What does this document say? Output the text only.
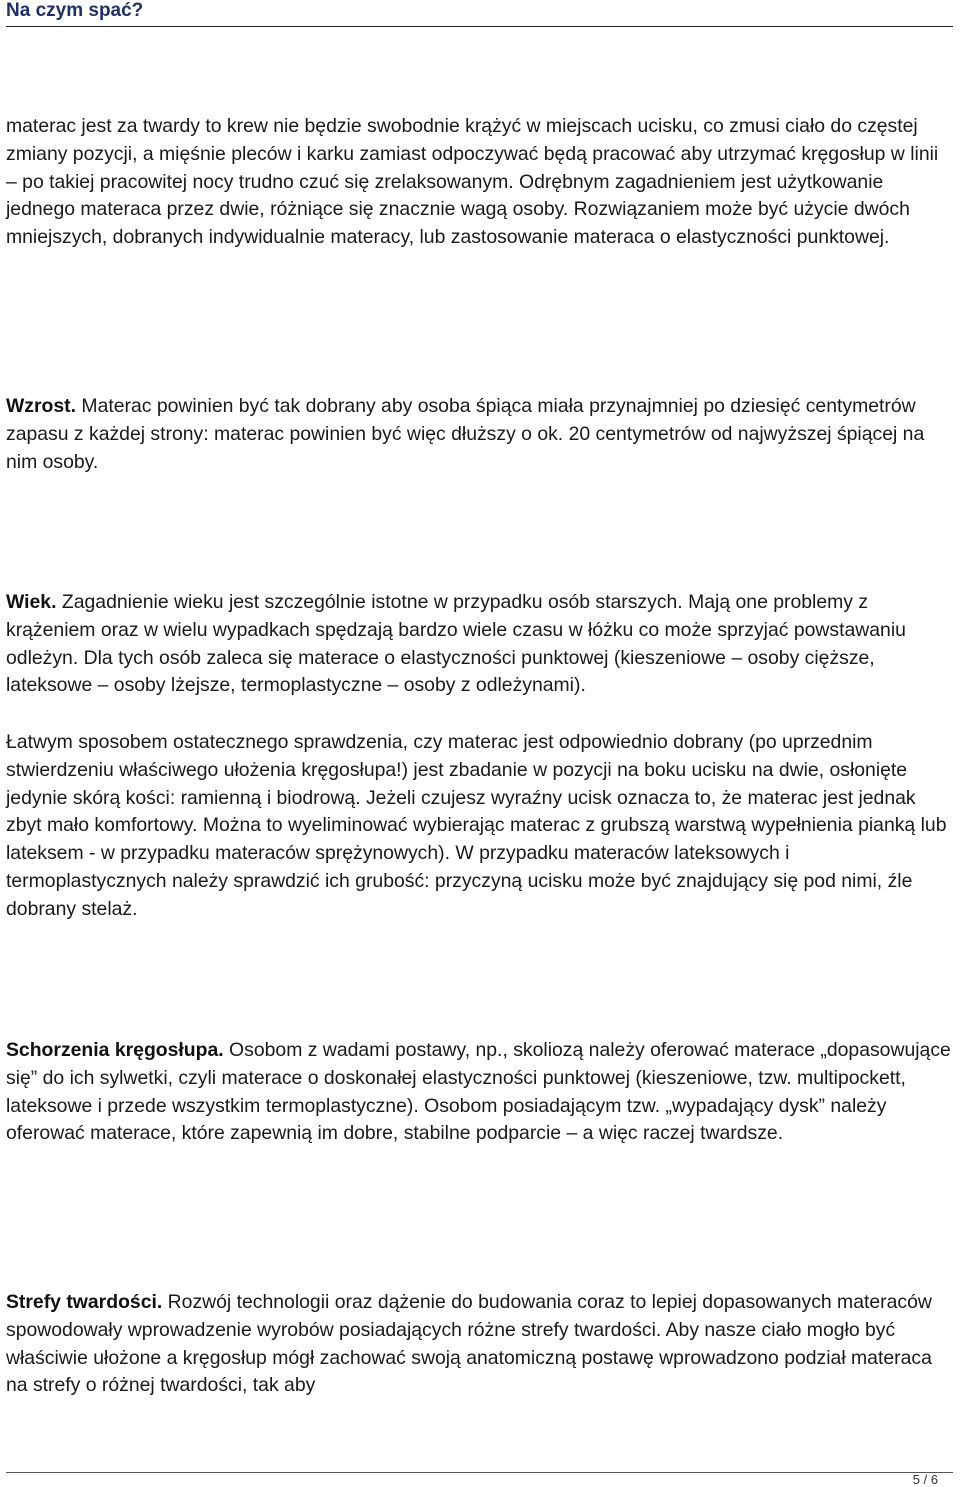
Na czym spać?

materac jest za twardy to krew nie będzie swobodnie krążyć w miejscach ucisku, co zmusi ciało do częstej zmiany pozycji, a mięśnie pleców i karku zamiast odpoczywać będą pracować aby utrzymać kręgosłup w linii – po takiej pracowitej nocy trudno czuć się zrelaksowanym. Odrębnym zagadnieniem jest użytkowanie jednego materaca przez dwie, różniące się znacznie wagą osoby. Rozwiązaniem może być użycie dwóch mniejszych, dobranych indywidualnie materacy, lub zastosowanie materaca o elastyczności punktowej.

Wzrost. Materac powinien być tak dobrany aby osoba śpiąca miała przynajmniej po dziesięć centymetrów zapasu z każdej strony: materac powinien być więc dłuższy o ok. 20 centymetrów od najwyższej śpiącej na nim osoby.

Wiek. Zagadnienie wieku jest szczególnie istotne w przypadku osób starszych. Mają one problemy z krążeniem oraz w wielu wypadkach spędzają bardzo wiele czasu w łóżku co może sprzyjać powstawaniu odleżyn. Dla tych osób zaleca się materace o elastyczności punktowej (kieszeniowe – osoby cięższe, lateksowe – osoby lżejsze, termoplastyczne – osoby z odleżynami).

Łatwym sposobem ostatecznego sprawdzenia, czy materac jest odpowiednio dobrany (po uprzednim stwierdzeniu właściwego ułożenia kręgosłupa!) jest zbadanie w pozycji na boku ucisku na dwie, osłonięte jedynie skórą kości: ramienną i biodrową. Jeżeli czujesz wyraźny ucisk oznacza to, że materac jest jednak zbyt mało komfortowy. Można to wyeliminować wybierając materac z grubszą warstwą wypełnienia pianką lub lateksem - w przypadku materaców sprężynowych). W przypadku materaców lateksowych i termoplastycznych należy sprawdzić ich grubość: przyczyną ucisku może być znajdujący się pod nimi, źle dobrany stelaż.

Schorzenia kręgosłupa. Osobom z wadami postawy, np., skoliozą należy oferować materace „dopasowujące się” do ich sylwetki, czyli materace o doskonałej elastyczności punktowej (kieszeniowe, tzw. multipockett, lateksowe i przede wszystkim termoplastyczne). Osobom posiadającym tzw. „wypadający dysk” należy oferować materace, które zapewnią im dobre, stabilne podparcie – a więc raczej twardsze.

Strefy twardości. Rozwój technologii oraz dążenie do budowania coraz to lepiej dopasowanych materaców spowodowały wprowadzenie wyrobów posiadających różne strefy twardości. Aby nasze ciało mogło być właściwie ułożone a kręgosłup mógł zachować swoją anatomiczną postawę wprowadzono podział materaca na strefy o różnej twardości, tak aby

5 / 6
